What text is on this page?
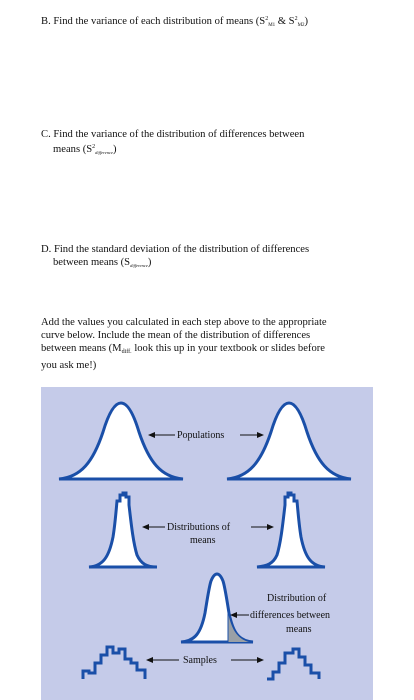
B. Find the variance of each distribution of means ($S^2_{M1}$ & $S^2_{M2}$)
C. Find the variance of the distribution of differences between
means $(S^2difference)$
D. Find the standard deviation of the distribution of differences
between means (Sdifference)
Add the values you calculated in each step above to the appropriate
curve below. Include the mean of the distribution of differences
between means ($M_{diff.}$ look this up in your textbook or slides before
you ask me!)
Populations
Distributions of
means
Distribution of
differences between
means
Samples
